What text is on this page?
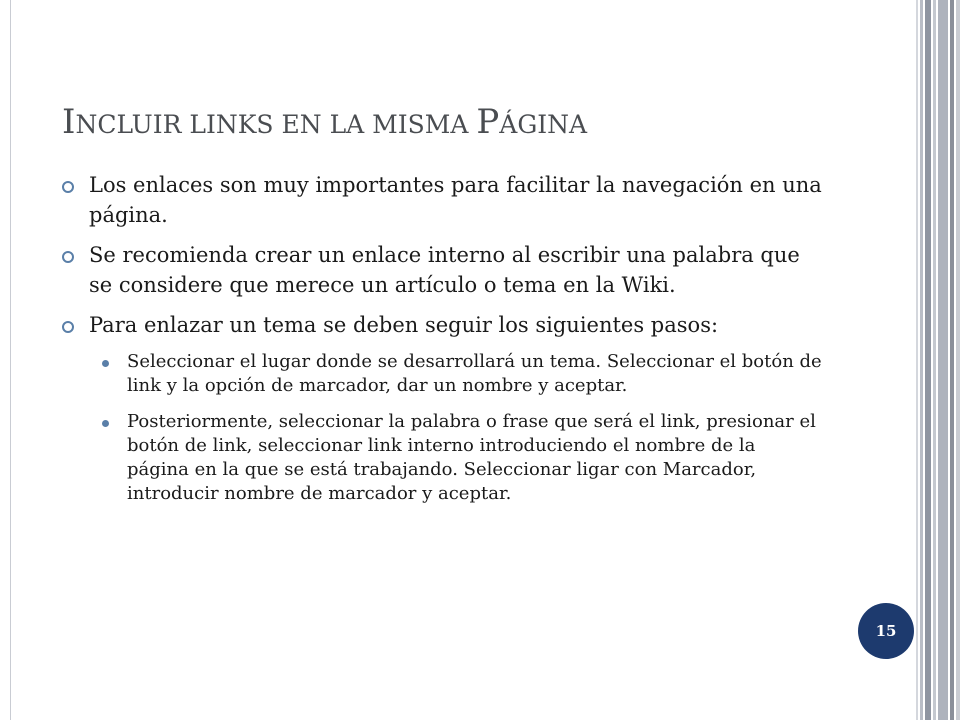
INCLUIR LINKS EN LA MISMA PÁGINA
Los enlaces son muy importantes para facilitar la navegación en una página.
Se recomienda crear un enlace interno al escribir una palabra que se considere que merece un artículo o tema en la Wiki.
Para enlazar un tema se deben seguir los siguientes pasos:
Seleccionar el lugar donde se desarrollará un tema. Seleccionar el botón de link y la opción de marcador, dar un nombre y aceptar.
Posteriormente, seleccionar la palabra o frase que será el link, presionar el botón de link, seleccionar link interno introduciendo el nombre de la página en la que se está trabajando. Seleccionar ligar con Marcador, introducir nombre de marcador y aceptar.
15
